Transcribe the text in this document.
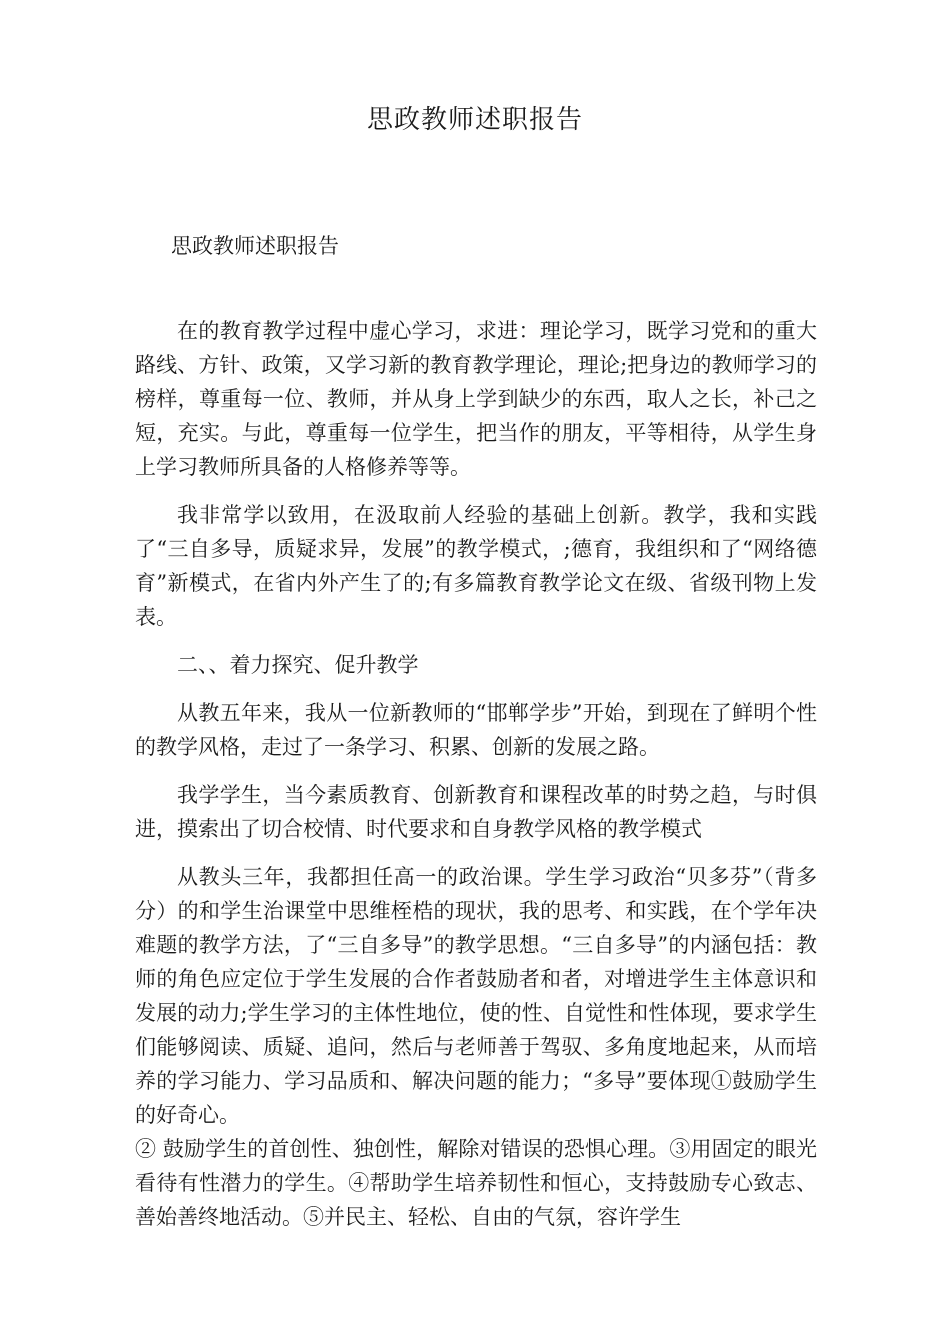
思政教师述职报告
思政教师述职报告

在的教育教学过程中虚心学习，求进：理论学习，既学习党和的重大路线、方针、政策，又学习新的教育教学理论，理论;把身边的教师学习的榜样，尊重每一位、教师，并从身上学到缺少的东西，取人之长，补己之短，充实。与此，尊重每一位学生，把当作的朋友，平等相待，从学生身上学习教师所具备的人格修养等等。

我非常学以致用，在汲取前人经验的基础上创新。教学，我和实践了“三自多导，质疑求异，发展”的教学模式，;德育，我组织和了“网络德育”新模式，在省内外产生了的;有多篇教育教学论文在级、省级刊物上发表。

二、、着力探究、促升教学

从教五年来，我从一位新教师的“邯郸学步”开始，到现在了鲜明个性的教学风格，走过了一条学习、积累、创新的发展之路。

我学学生，当今素质教育、创新教育和课程改革的时势之趋，与时俱进，摸索出了切合校情、时代要求和自身教学风格的教学模式

从教头三年，我都担任高一的政治课。学生学习政治“贝多芬”（背多分）的和学生治课堂中思维桎梏的现状，我的思考、和实践，在个学年决难题的教学方法，了“三自多导”的教学思想。“三自多导”的内涵包括：教师的角色应定位于学生发展的合作者鼓励者和者，对增进学生主体意识和发展的动力;学生学习的主体性地位，使的性、自觉性和性体现，要求学生们能够阅读、质疑、追问，然后与老师善于驾驭、多角度地起来，从而培养的学习能力、学习品质和、解决问题的能力；“多导”要体现①鼓励学生的好奇心。

② 鼓励学生的首创性、独创性，解除对错误的恐惧心理。③用固定的眼光看待有性潜力的学生。④帮助学生培养韧性和恒心，支持鼓励专心致志、善始善终地活动。⑤并民主、轻松、自由的气氛，容许学生
